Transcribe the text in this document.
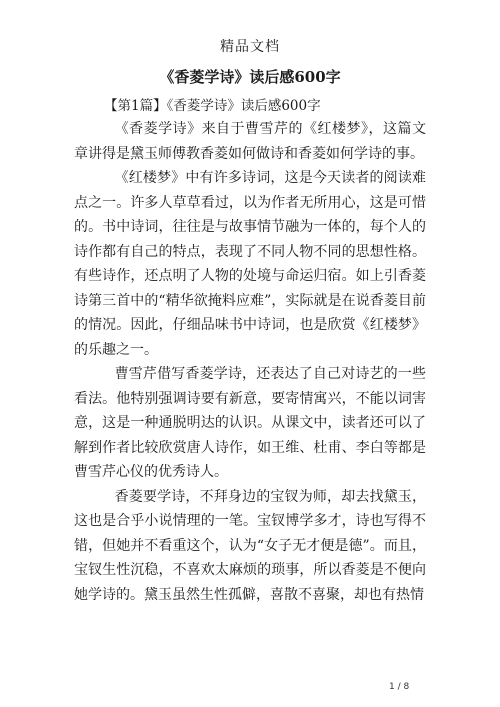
精品文档
《香菱学诗》读后感600字
【第1篇】《香菱学诗》读后感600字

《香菱学诗》来自于曹雪芹的《红楼梦》，这篇文章讲得是黛玉师傅教香菱如何做诗和香菱如何学诗的事。

《红楼梦》中有许多诗词，这是今天读者的阅读难点之一。许多人草草看过，以为作者无所用心，这是可惜的。书中诗词，往往是与故事情节融为一体的，每个人的诗作都有自己的特点，表现了不同人物不同的思想性格。有些诗作，还点明了人物的处境与命运归宿。如上引香菱诗第三首中的“精华欲掩料应难”，实际就是在说香菱目前的情况。因此，仔细品味书中诗词，也是欣赏《红楼梦》的乐趣之一。

曹雪芹借写香菱学诗，还表达了自己对诗艺的一些看法。他特别强调诗要有新意，要寄情寓兴，不能以词害意，这是一种通脱明达的认识。从课文中，读者还可以了解到作者比较欣赏唐人诗作，如王维、杜甫、李白等都是曹雪芹心仪的优秀诗人。

香菱要学诗，不拜身边的宝钗为师，却去找黛玉，这也是合乎小说情理的一笔。宝钗博学多才，诗也写得不错，但她并不看重这个，认为“女子无才便是德”。而且，宝钗生性沉稳，不喜欢太麻烦的琐事，所以香菱是不便向她学诗的。黛玉虽然生性孤僻，喜散不喜聚，却也有热情

1 / 8
